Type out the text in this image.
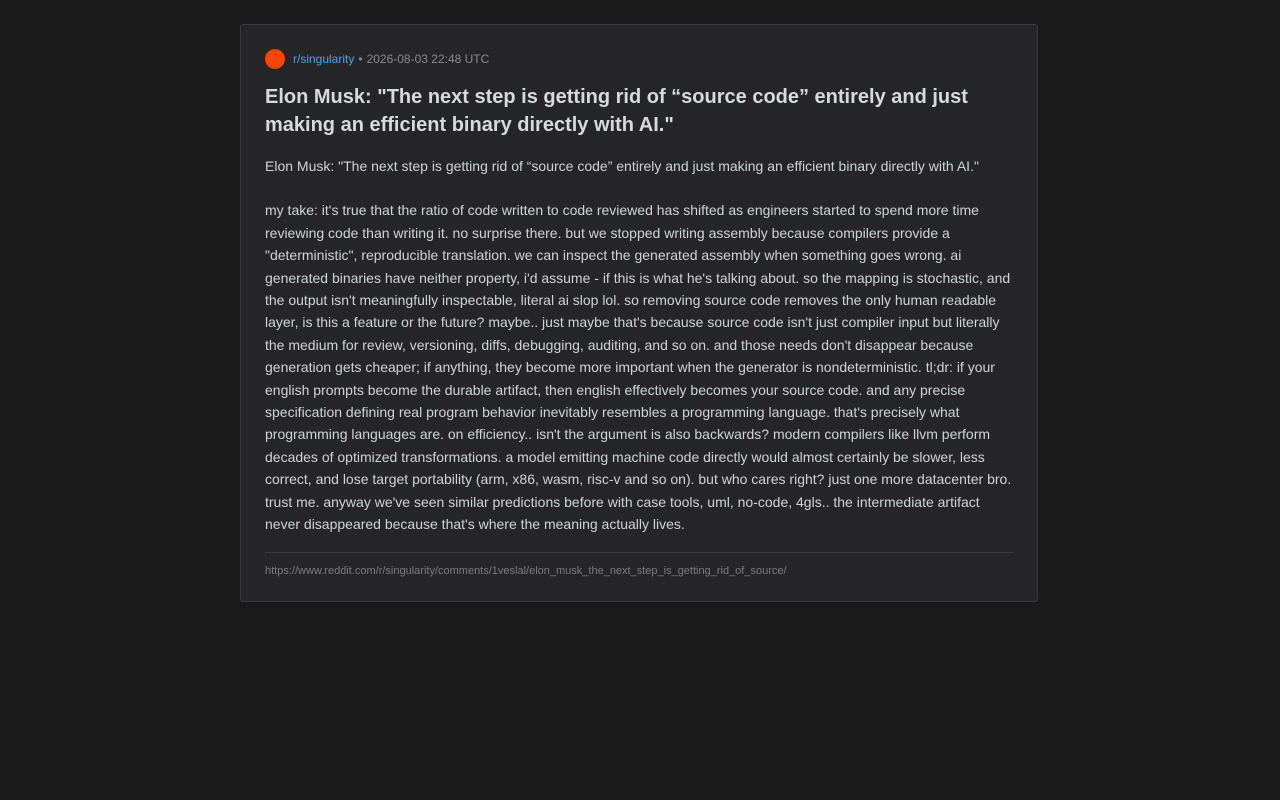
r/singularity • 2026-08-03 22:48 UTC
Elon Musk: "The next step is getting rid of “source code” entirely and just making an efficient binary directly with AI."

Elon Musk: "The next step is getting rid of “source code” entirely and just making an efficient binary directly with AI."

my take: it's true that the ratio of code written to code reviewed has shifted as engineers started to spend more time reviewing code than writing it. no surprise there. but we stopped writing assembly because compilers provide a "deterministic", reproducible translation. we can inspect the generated assembly when something goes wrong. ai generated binaries have neither property, i'd assume - if this is what he's talking about. so the mapping is stochastic, and the output isn't meaningfully inspectable, literal ai slop lol. so removing source code removes the only human readable layer, is this a feature or the future? maybe.. just maybe that's because source code isn't just compiler input but literally the medium for review, versioning, diffs, debugging, auditing, and so on. and those needs don't disappear because generation gets cheaper; if anything, they become more important when the generator is nondeterministic. tl;dr: if your english prompts become the durable artifact, then english effectively becomes your source code. and any precise specification defining real program behavior inevitably resembles a programming language. that's precisely what programming languages are. on efficiency.. isn't the argument is also backwards? modern compilers like llvm perform decades of optimized transformations. a model emitting machine code directly would almost certainly be slower, less correct, and lose target portability (arm, x86, wasm, risc-v and so on). but who cares right? just one more datacenter bro. trust me. anyway we've seen similar predictions before with case tools, uml, no-code, 4gls.. the intermediate artifact never disappeared because that's where the meaning actually lives.

https://www.reddit.com/r/singularity/comments/1veslal/elon_musk_the_next_step_is_getting_rid_of_source/
